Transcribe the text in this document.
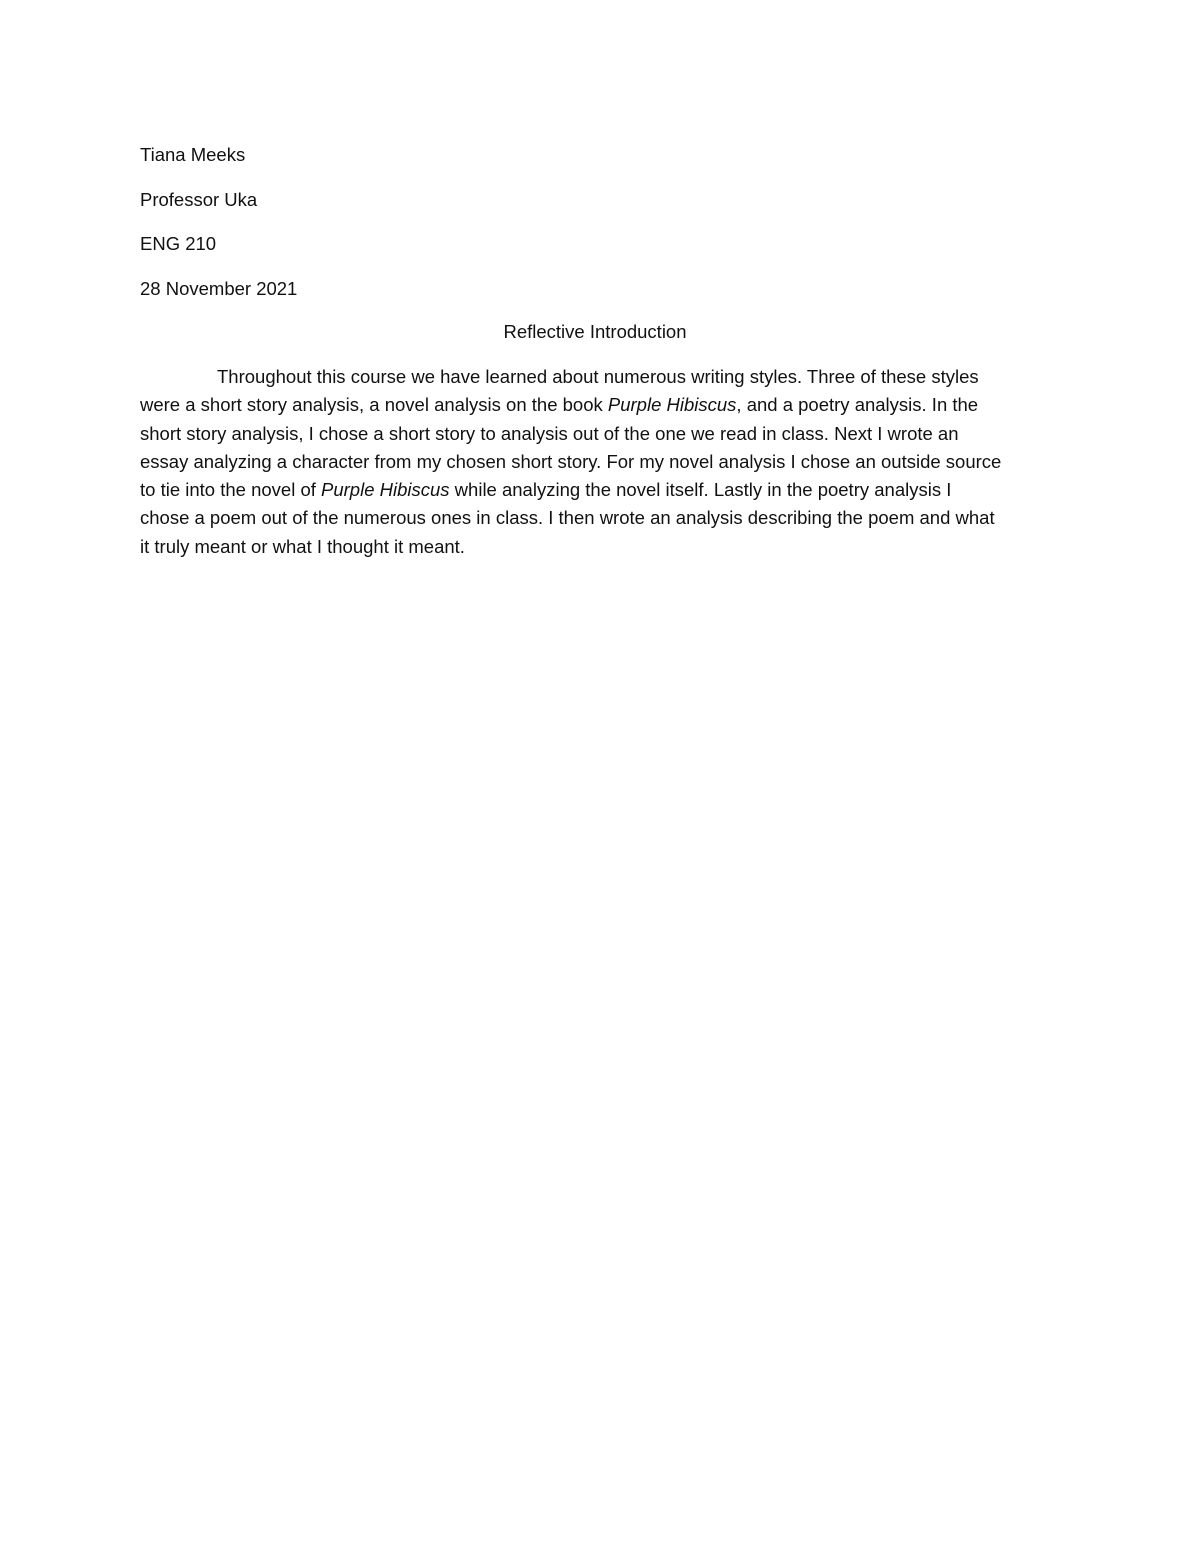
Tiana Meeks
Professor Uka
ENG 210
28 November 2021
Reflective Introduction
Throughout this course we have learned about numerous writing styles. Three of these styles
were a short story analysis, a novel analysis on the book Purple Hibiscus, and a poetry analysis. In the
short story analysis, I chose a short story to analysis out of the one we read in class. Next I wrote an
essay analyzing a character from my chosen short story. For my novel analysis I chose an outside source
to tie into the novel of Purple Hibiscus while analyzing the novel itself. Lastly in the poetry analysis I
chose a poem out of the numerous ones in class. I then wrote an analysis describing the poem and what
it truly meant or what I thought it meant.
